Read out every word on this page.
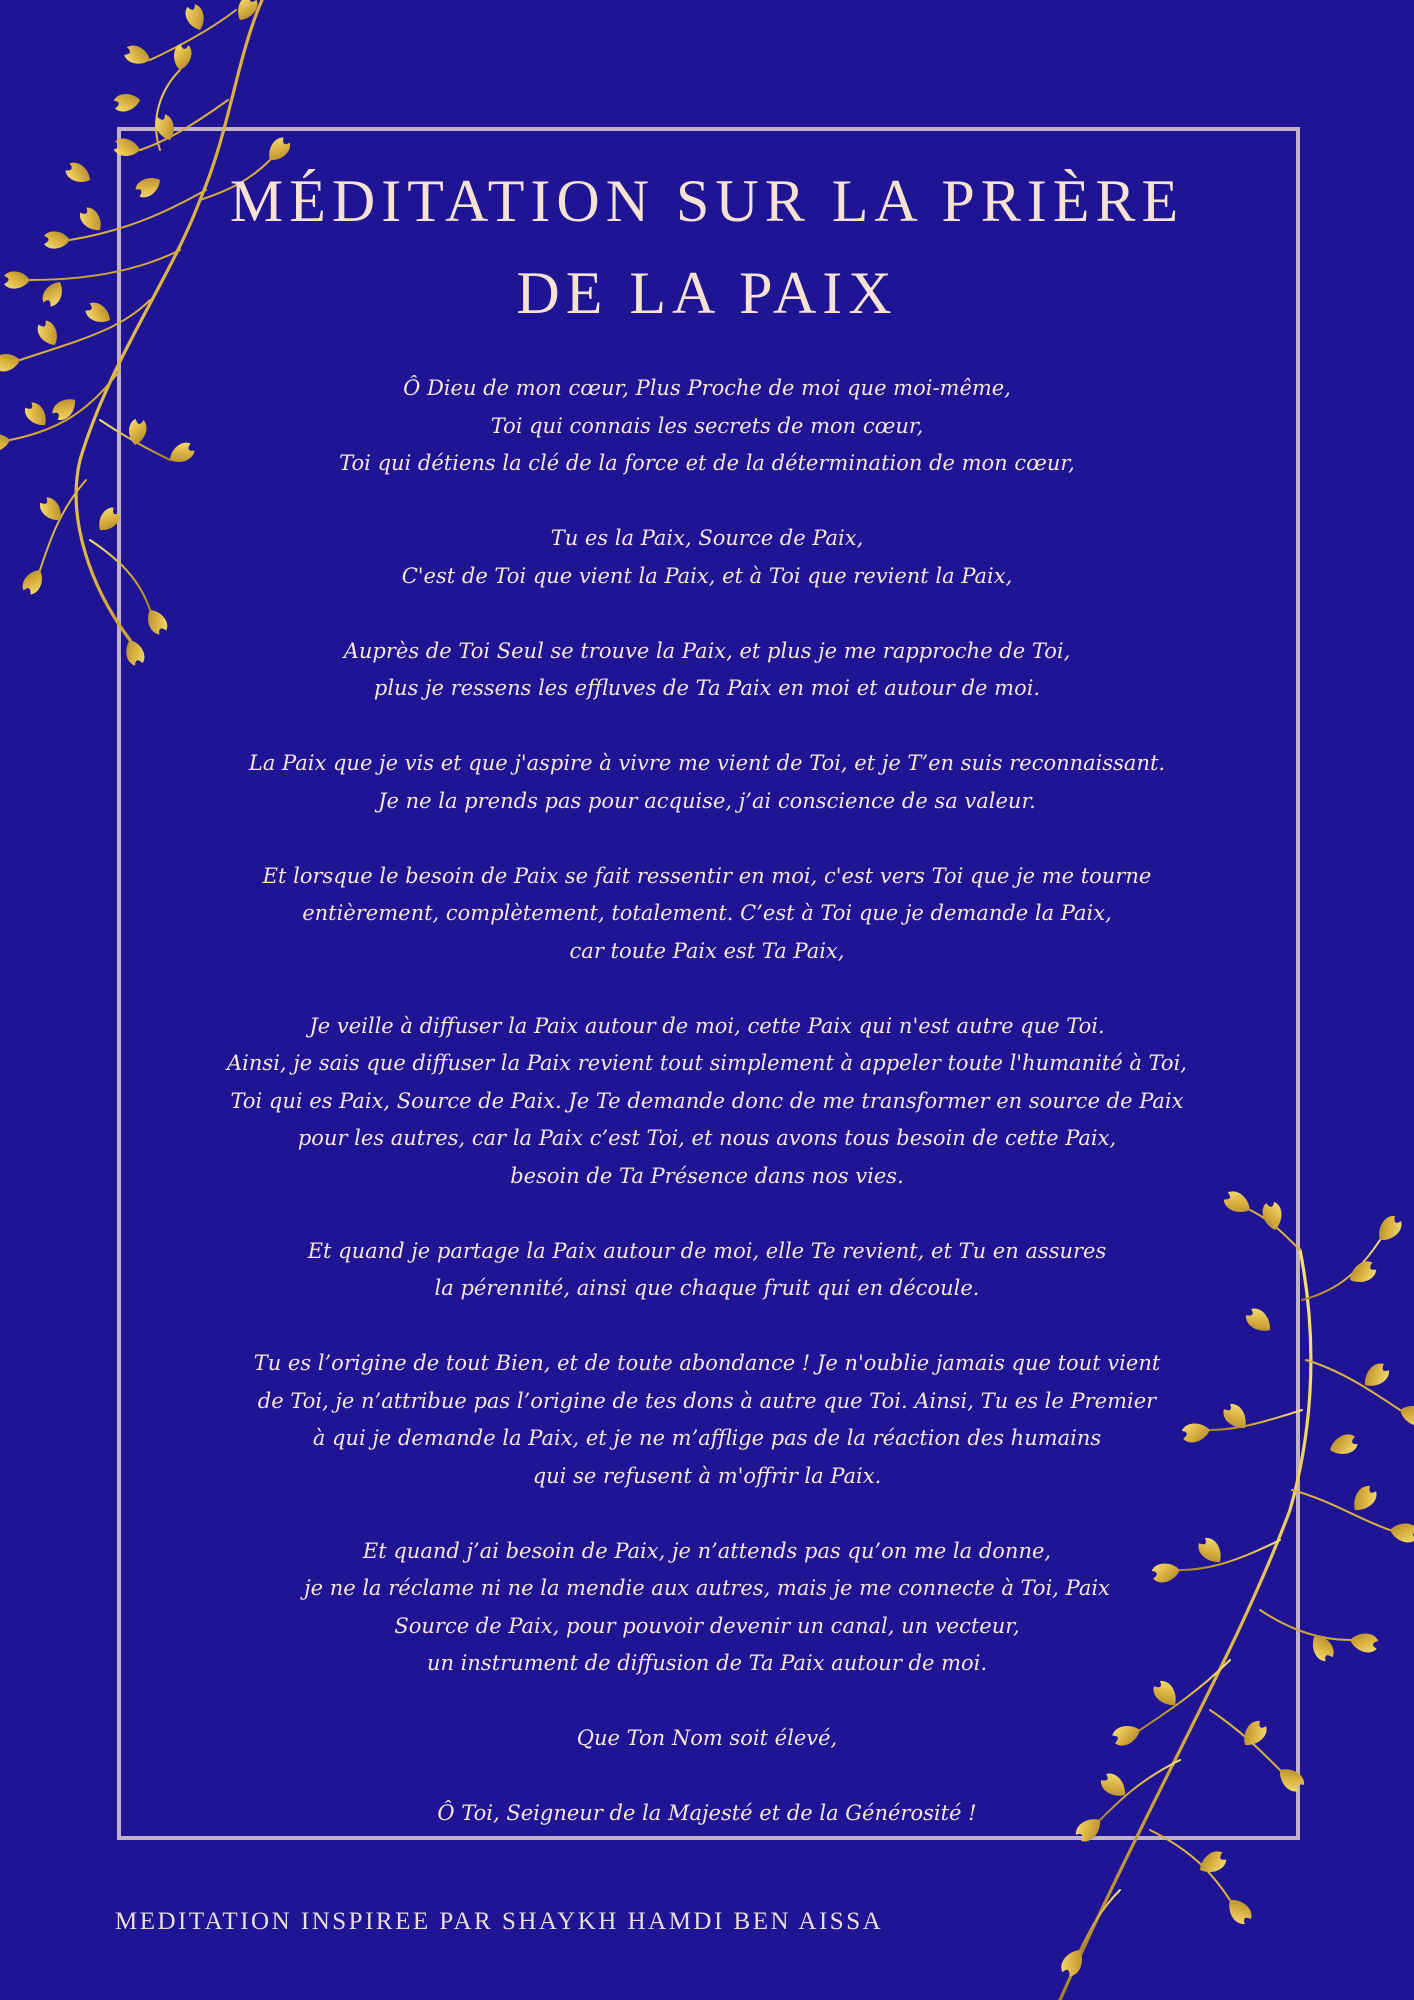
MÉDITATION SUR LA PRIÈRE
DE LA PAIX
Ô Dieu de mon cœur, Plus Proche de moi que moi-même,
Toi qui connais les secrets de mon cœur,
Toi qui détiens la clé de la force et de la détermination de mon cœur,
Tu es la Paix, Source de Paix,
C'est de Toi que vient la Paix, et à Toi que revient la Paix,
Auprès de Toi Seul se trouve la Paix, et plus je me rapproche de Toi,
plus je ressens les effluves de Ta Paix en moi et autour de moi.
La Paix que je vis et que j'aspire à vivre me vient de Toi, et je T’en suis reconnaissant.
Je ne la prends pas pour acquise, j’ai conscience de sa valeur.
Et lorsque le besoin de Paix se fait ressentir en moi, c'est vers Toi que je me tourne
entièrement, complètement, totalement. C’est à Toi que je demande la Paix,
car toute Paix est Ta Paix,
Je veille à diffuser la Paix autour de moi, cette Paix qui n'est autre que Toi.
Ainsi, je sais que diffuser la Paix revient tout simplement à appeler toute l'humanité à Toi,
Toi qui es Paix, Source de Paix. Je Te demande donc de me transformer en source de Paix
pour les autres, car la Paix c’est Toi, et nous avons tous besoin de cette Paix,
besoin de Ta Présence dans nos vies.
Et quand je partage la Paix autour de moi, elle Te revient, et Tu en assures
la pérennité, ainsi que chaque fruit qui en découle.
Tu es l’origine de tout Bien, et de toute abondance ! Je n'oublie jamais que tout vient
de Toi, je n’attribue pas l’origine de tes dons à autre que Toi. Ainsi, Tu es le Premier
à qui je demande la Paix, et je ne m’afflige pas de la réaction des humains
qui se refusent à m'offrir la Paix.
Et quand j’ai besoin de Paix, je n’attends pas qu’on me la donne,
je ne la réclame ni ne la mendie aux autres, mais je me connecte à Toi, Paix
Source de Paix, pour pouvoir devenir un canal, un vecteur,
un instrument de diffusion de Ta Paix autour de moi.
Que Ton Nom soit élevé,
Ô Toi, Seigneur de la Majesté et de la Générosité !
MEDITATION INSPIREE PAR SHAYKH HAMDI BEN AISSA
